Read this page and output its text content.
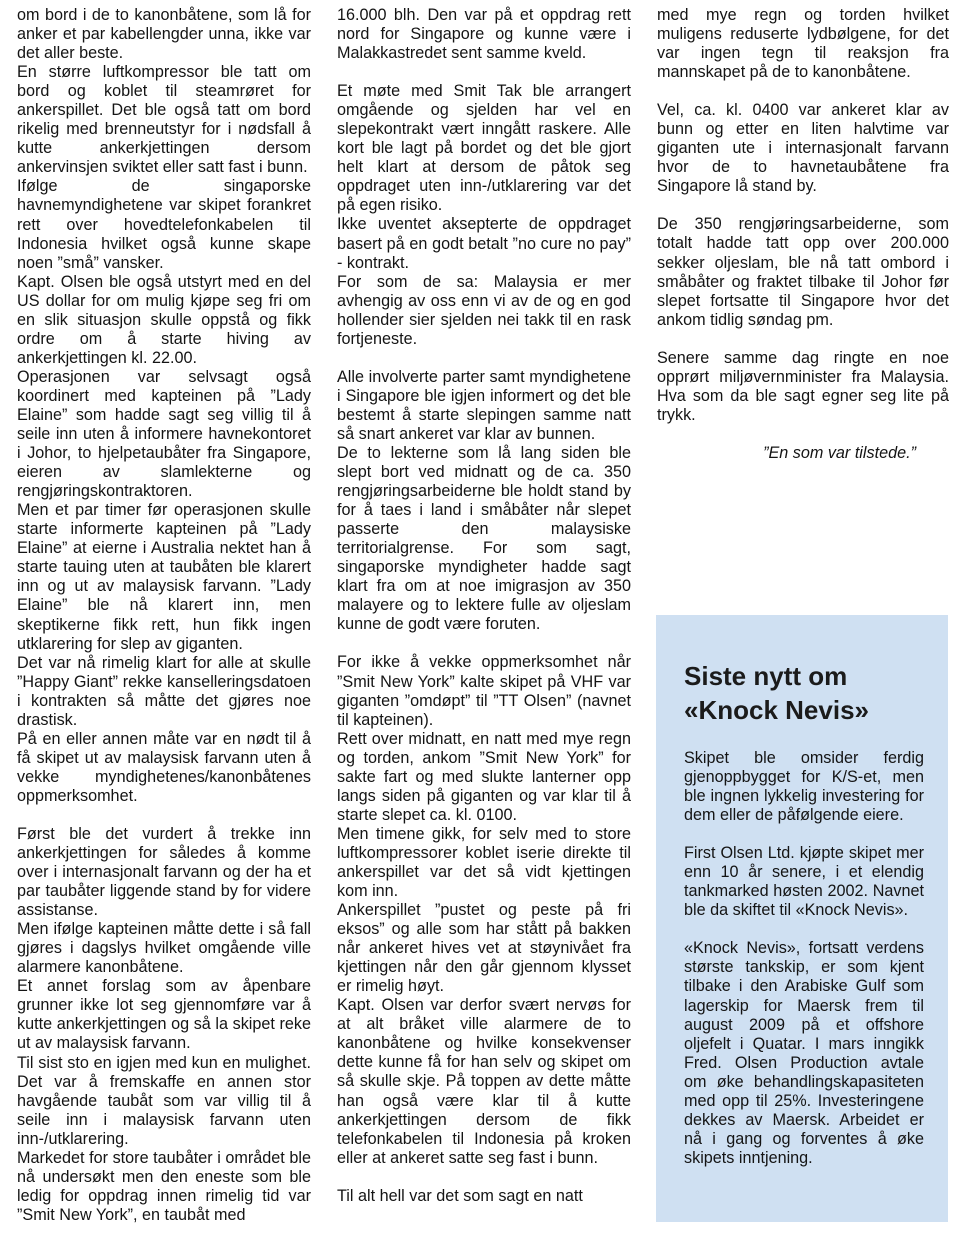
om bord i de to kanonbåtene, som lå for anker et par kabellengder unna, ikke var det aller beste.

En større luftkompressor ble tatt om bord og koblet til steamrøret for ankerspillet. Det ble også tatt om bord rikelig med brenneutstyr for i nødsfall å kutte ankerkjettingen dersom ankervinsjen sviktet eller satt fast i bunn.

Ifølge de singaporske havnemyndighetene var skipet forankret rett over hovedtelefonkabelen til Indonesia hvilket også kunne skape noen ”små” vansker.

Kapt. Olsen ble også utstyrt med en del US dollar for om mulig kjøpe seg fri om en slik situasjon skulle oppstå og fikk ordre om å starte hiving av ankerkjettingen kl. 22.00.

Operasjonen var selvsagt også koordinert med kapteinen på ”Lady Elaine” som hadde sagt seg villig til å seile inn uten å informere havnekontoret i Johor, to hjelpetaubåter fra Singapore, eieren av slamlekterne og rengjøringskontraktoren.

Men et par timer før operasjonen skulle starte informerte kapteinen på ”Lady Elaine” at eierne i Australia nektet han å starte tauing uten at taubåten ble klarert inn og ut av malaysisk farvann. ”Lady Elaine” ble nå klarert inn, men skeptikerne fikk rett, hun fikk ingen utklarering for slep av giganten.

Det var nå rimelig klart for alle at skulle ”Happy Giant” rekke kanselleringsdatoen i kontrakten så måtte det gjøres noe drastisk.

På en eller annen måte var en nødt til å få skipet ut av malaysisk farvann uten å vekke myndighetenes/kanonbåtenes oppmerksomhet.

Først ble det vurdert å trekke inn ankerkjettingen for således å komme over i internasjonalt farvann og der ha et par taubåter liggende stand by for videre assistanse.

Men ifølge kapteinen måtte dette i så fall gjøres i dagslys hvilket omgående ville alarmere kanonbåtene.

Et annet forslag som av åpenbare grunner ikke lot seg gjennomføre var å kutte ankerkjettingen og så la skipet reke ut av malaysisk farvann.

Til sist sto en igjen med kun en mulighet. Det var å fremskaffe en annen stor havgående taubåt som var villig til å seile inn i malaysisk farvann uten inn-/utklarering.

Markedet for store taubåter i området ble nå undersøkt men den eneste som ble ledig for oppdrag innen rimelig tid var ”Smit New York”, en taubåt med

16.000 blh. Den var på et oppdrag rett nord for Singapore og kunne være i Malakkastredet sent samme kveld.

Et møte med Smit Tak ble arrangert omgående og sjelden har vel en slepekontrakt vært inngått raskere. Alle kort ble lagt på bordet og det ble gjort helt klart at dersom de påtok seg oppdraget uten inn-/utklarering var det på egen risiko.

Ikke uventet aksepterte de oppdraget basert på en godt betalt ”no cure no pay” - kontrakt.

For som de sa: Malaysia er mer avhengig av oss enn vi av de og en god hollender sier sjelden nei takk til en rask fortjeneste.

Alle involverte parter samt myndighetene i Singapore ble igjen informert og det ble bestemt å starte slepingen samme natt så snart ankeret var klar av bunnen.

De to lekterne som lå lang siden ble slept bort ved midnatt og de ca. 350 rengjøringsarbeiderne ble holdt stand by for å taes i land i småbåter når slepet passerte den malaysiske territorialgrense. For som sagt, singaporske myndigheter hadde sagt klart fra om at noe imigrasjon av 350 malayere og to lektere fulle av oljeslam kunne de godt være foruten.

For ikke å vekke oppmerksomhet når ”Smit New York” kalte skipet på VHF var giganten ”omdøpt” til ”TT Olsen” (navnet til kapteinen).

Rett over midnatt, en natt med mye regn og torden, ankom ”Smit New York” for sakte fart og med slukte lanterner opp langs siden på giganten og var klar til å starte slepet ca. kl. 0100.

Men timene gikk, for selv med to store luftkompressorer koblet iserie direkte til ankerspillet var det så vidt kjettingen kom inn.

Ankerspillet ”pustet og peste på fri eksos” og alle som har stått på bakken når ankeret hives vet at støynivået fra kjettingen når den går gjennom klysset er rimelig høyt.

Kapt. Olsen var derfor svært nervøs for at alt bråket ville alarmere de to kanonbåtene og hvilke konsekvenser dette kunne få for han selv og skipet om så skulle skje. På toppen av dette måtte han også være klar til å kutte ankerkjettingen dersom de fikk telefonkabelen til Indonesia på kroken eller at ankeret satte seg fast i bunn.

Til alt hell var det som sagt en natt

med mye regn og torden hvilket muligens reduserte lydbølgene, for det var ingen tegn til reaksjon fra mannskapet på de to kanonbåtene.

Vel, ca. kl. 0400 var ankeret klar av bunn og etter en liten halvtime var giganten ute i internasjonalt farvann hvor de to havnetaubåtene fra Singapore lå stand by.

De 350 rengjøringsarbeiderne, som totalt hadde tatt opp over 200.000 sekker oljeslam, ble nå tatt ombord i småbåter og fraktet tilbake til Johor før slepet fortsatte til Singapore hvor det ankom tidlig søndag pm.

Senere samme dag ringte en noe opprørt miljøvernminister fra Malaysia. Hva som da ble sagt egner seg lite på trykk.

”En som var tilstede.”

Siste nytt om «Knock Nevis»

Skipet ble omsider ferdig gjenoppbygget for K/S-et, men ble ingnen lykkelig investering for dem eller de påfølgende eiere.

First Olsen Ltd. kjøpte skipet mer enn 10 år senere, i et elendig tankmarked høsten 2002. Navnet ble da skiftet til «Knock Nevis».

«Knock Nevis», fortsatt verdens største tankskip, er som kjent tilbake i den Arabiske Gulf som lagerskip for Maersk frem til august 2009 på et offshore oljefelt i Quatar. I mars inngikk Fred. Olsen Production avtale om øke behandlingskapasiteten med opp til 25%. Investeringene dekkes av Maersk. Arbeidet er nå i gang og forventes å øke skipets inntjening.
